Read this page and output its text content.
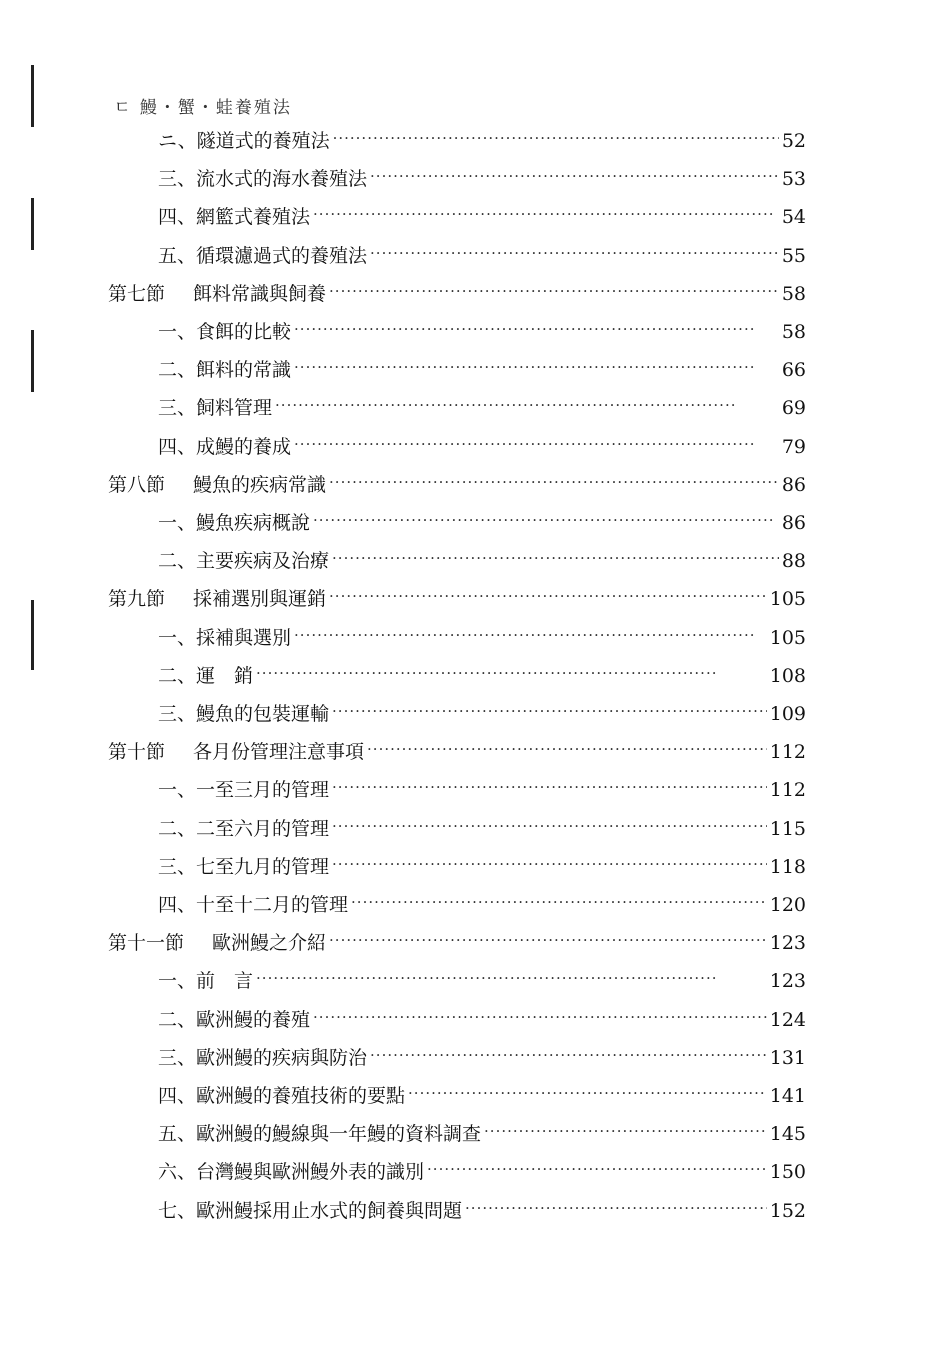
ㄷ 鰻・蟹・蛙養殖法
ニ、 隧道式的養殖法 ·····	52
三、 流水式的海水養殖法 ·····	53
四、 網籃式養殖法 ·····	54
五、 循環濾過式的養殖法 ·····	55
第七節 餌料常識與飼養 ·····	58
一、 食餌的比較 ·····	58
二、 餌料的常識 ·····	66
三、 飼料管理 ·····	69
四、 成鰻的養成 ·····	79
第八節 鰻魚的疾病常識 ·····	86
一、 鰻魚疾病概說 ·····	86
二、 主要疾病及治療 ·····	88
第九節 採補選別與運銷 ·····	105
一、 採補與選別 ·····	105
二、 運　銷 ·····	108
三、 鰻魚的包裝運輸 ·····	109
第十節 各月份管理注意事項 ·····	112
一、 一至三月的管理 ·····	112
二、 二至六月的管理 ·····	115
三、 七至九月的管理 ·····	118
四、 十至十二月的管理 ·····	120
第十一節 歐洲鰻之介紹 ·····	123
一、 前　言 ·····	123
二、 歐洲鰻的養殖 ·····	124
三、 歐洲鰻的疾病與防治 ·····	131
四、 歐洲鰻的養殖技術的要點 ·····	141
五、 歐洲鰻的鰻線與一年鰻的資料調查 ·····	145
六、 台灣鰻與歐洲鰻外表的識別 ·····	150
七、 歐洲鰻採用止水式的飼養與問題 ·····	152
